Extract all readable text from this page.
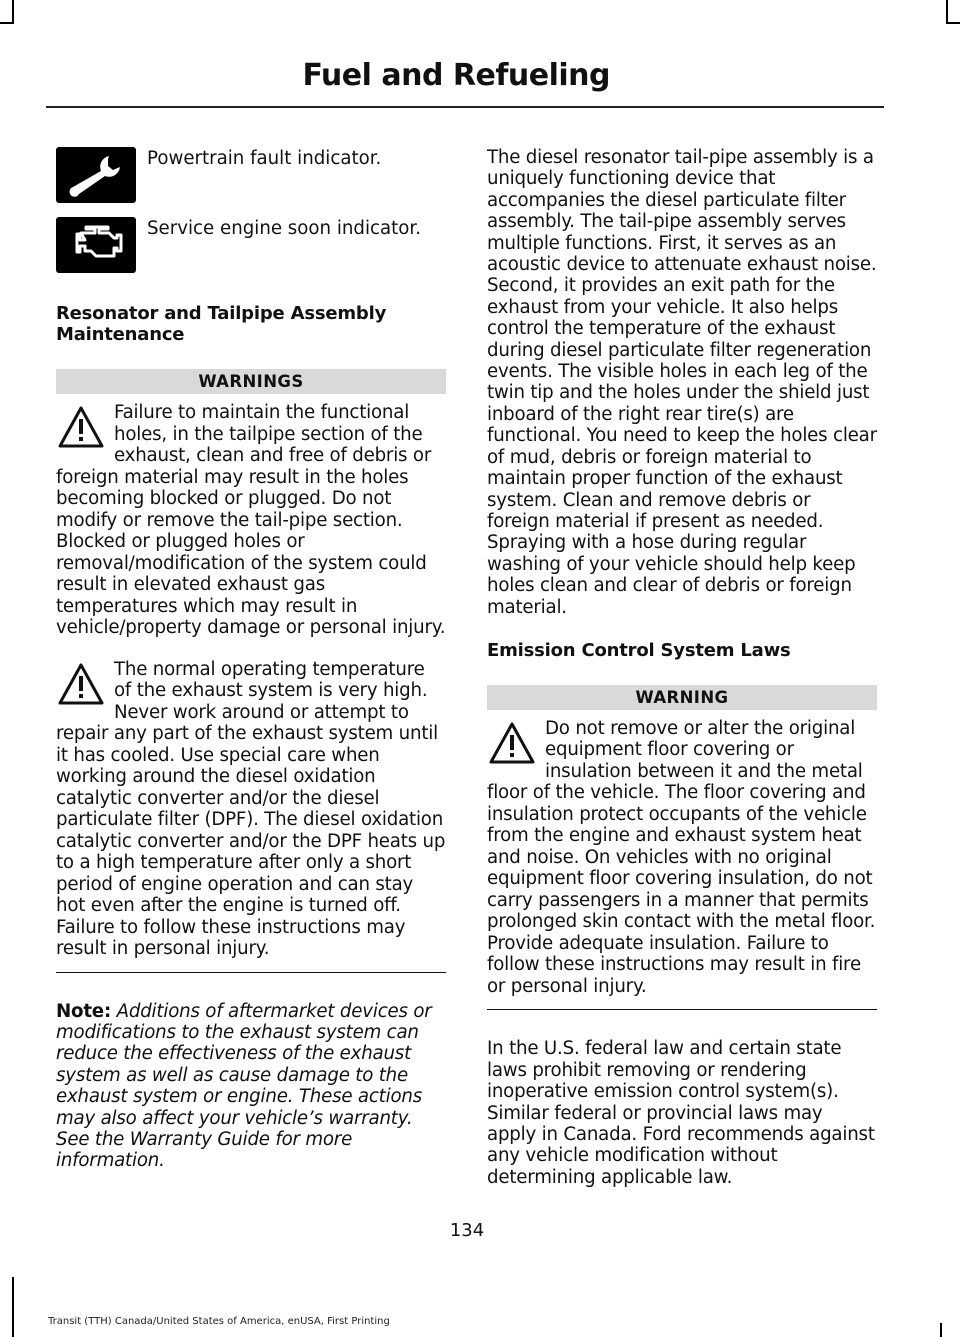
Fuel and Refueling
Powertrain fault indicator.
Service engine soon indicator.
Resonator and Tailpipe Assembly Maintenance
WARNINGS
Failure to maintain the functional holes, in the tailpipe section of the exhaust, clean and free of debris or foreign material may result in the holes becoming blocked or plugged. Do not modify or remove the tail-pipe section. Blocked or plugged holes or removal/modification of the system could result in elevated exhaust gas temperatures which may result in vehicle/property damage or personal injury.
The normal operating temperature of the exhaust system is very high. Never work around or attempt to repair any part of the exhaust system until it has cooled. Use special care when working around the diesel oxidation catalytic converter and/or the diesel particulate filter (DPF). The diesel oxidation catalytic converter and/or the DPF heats up to a high temperature after only a short period of engine operation and can stay hot even after the engine is turned off. Failure to follow these instructions may result in personal injury.

Note: Additions of aftermarket devices or modifications to the exhaust system can reduce the effectiveness of the exhaust system as well as cause damage to the exhaust system or engine. These actions may also affect your vehicle’s warranty. See the Warranty Guide for more information.

The diesel resonator tail-pipe assembly is a uniquely functioning device that accompanies the diesel particulate filter assembly. The tail-pipe assembly serves multiple functions. First, it serves as an acoustic device to attenuate exhaust noise. Second, it provides an exit path for the exhaust from your vehicle. It also helps control the temperature of the exhaust during diesel particulate filter regeneration events. The visible holes in each leg of the twin tip and the holes under the shield just inboard of the right rear tire(s) are functional. You need to keep the holes clear of mud, debris or foreign material to maintain proper function of the exhaust system. Clean and remove debris or foreign material if present as needed. Spraying with a hose during regular washing of your vehicle should help keep holes clean and clear of debris or foreign material.

Emission Control System Laws
WARNING
Do not remove or alter the original equipment floor covering or insulation between it and the metal floor of the vehicle. The floor covering and insulation protect occupants of the vehicle from the engine and exhaust system heat and noise. On vehicles with no original equipment floor covering insulation, do not carry passengers in a manner that permits prolonged skin contact with the metal floor. Provide adequate insulation. Failure to follow these instructions may result in fire or personal injury.

In the U.S. federal law and certain state laws prohibit removing or rendering inoperative emission control system(s). Similar federal or provincial laws may apply in Canada. Ford recommends against any vehicle modification without determining applicable law.

134
Transit (TTH) Canada/United States of America, enUSA, First Printing
